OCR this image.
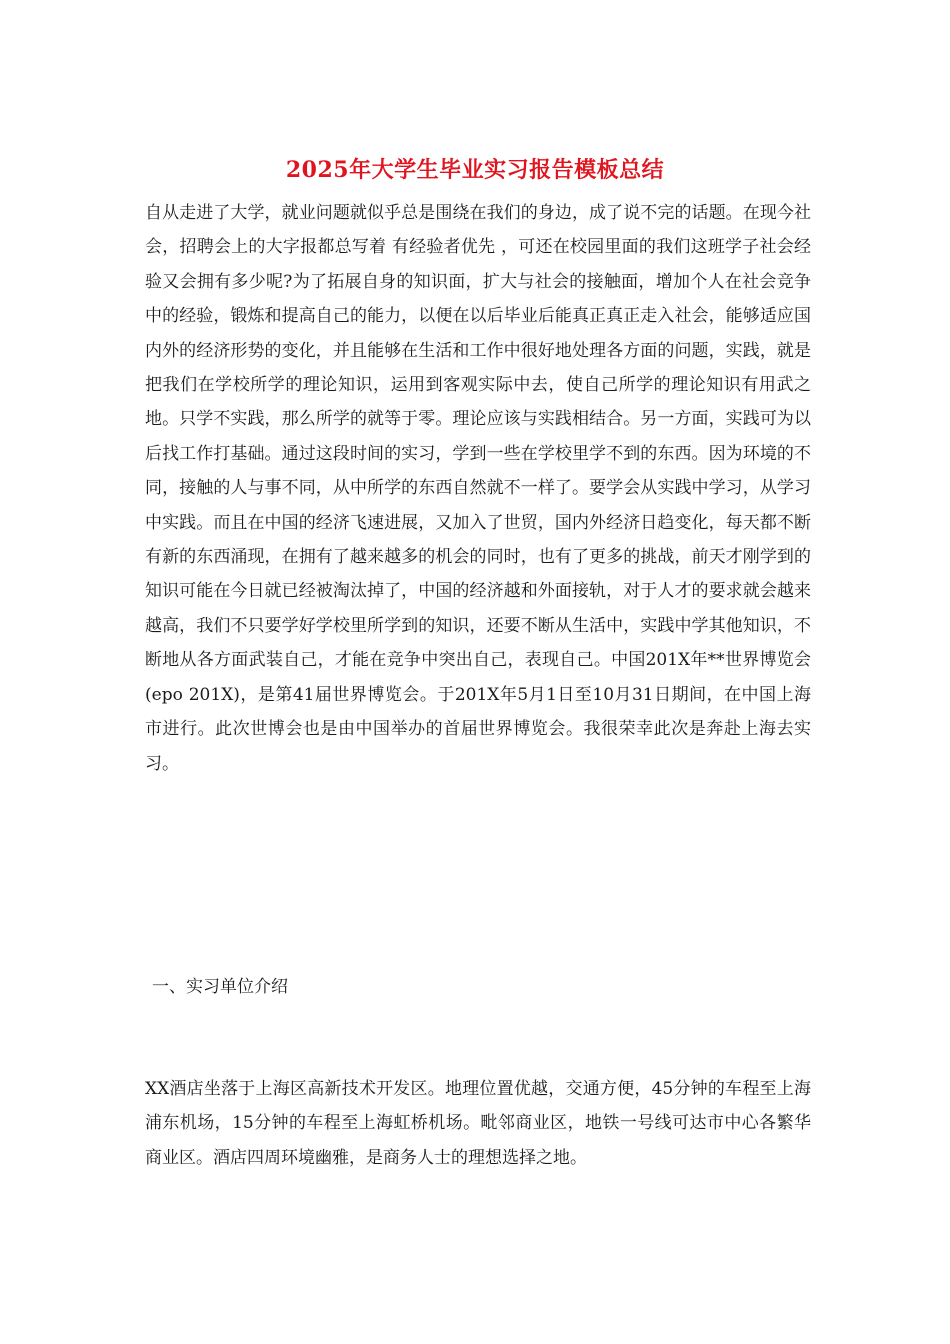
2025年大学生毕业实习报告模板总结

自从走进了大学，就业问题就似乎总是围绕在我们的身边，成了说不完的话题。在现今社会，招聘会上的大字报都总写着 有经验者优先 ，可还在校园里面的我们这班学子社会经验又会拥有多少呢?为了拓展自身的知识面，扩大与社会的接触面，增加个人在社会竞争中的经验，锻炼和提高自己的能力，以便在以后毕业后能真正真正走入社会，能够适应国内外的经济形势的变化，并且能够在生活和工作中很好地处理各方面的问题，实践，就是把我们在学校所学的理论知识，运用到客观实际中去，使自己所学的理论知识有用武之地。只学不实践，那么所学的就等于零。理论应该与实践相结合。另一方面，实践可为以后找工作打基础。通过这段时间的实习，学到一些在学校里学不到的东西。因为环境的不同，接触的人与事不同，从中所学的东西自然就不一样了。要学会从实践中学习，从学习中实践。而且在中国的经济飞速进展，又加入了世贸，国内外经济日趋变化，每天都不断有新的东西涌现，在拥有了越来越多的机会的同时，也有了更多的挑战，前天才刚学到的知识可能在今日就已经被淘汰掉了，中国的经济越和外面接轨，对于人才的要求就会越来越高，我们不只要学好学校里所学到的知识，还要不断从生活中，实践中学其他知识，不断地从各方面武装自己，才能在竞争中突出自己，表现自己。中国201X年**世界博览会(epo 201X)，是第41届世界博览会。于201X年5月1日至10月31日期间，在中国上海市进行。此次世博会也是由中国举办的首届世界博览会。我很荣幸此次是奔赴上海去实习。

一、实习单位介绍

XX酒店坐落于上海区高新技术开发区。地理位置优越，交通方便，45分钟的车程至上海浦东机场，15分钟的车程至上海虹桥机场。毗邻商业区，地铁一号线可达市中心各繁华商业区。酒店四周环境幽雅，是商务人士的理想选择之地。
